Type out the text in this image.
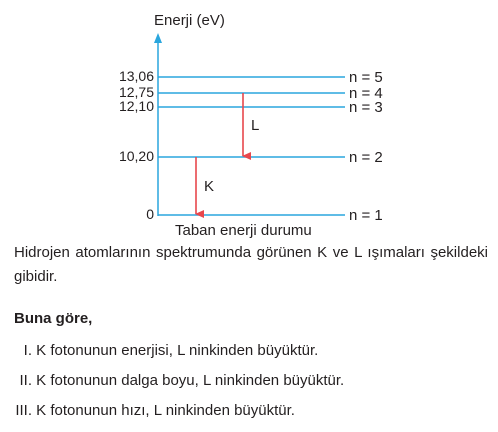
Enerji (eV)
0	n = 1
10,20	n = 2
12,10	n = 3
12,75	n = 4
13,06	n = 5
K
L
Taban enerji durumu
Hidrojen atomlarının spektrumunda görünen K ve L ışımaları şekildeki gibidir.
Buna göre,
I. K fotonunun enerjisi, L ninkinden büyüktür.
II. K fotonunun dalga boyu, L ninkinden büyüktür.
III. K fotonunun hızı, L ninkinden büyüktür.
